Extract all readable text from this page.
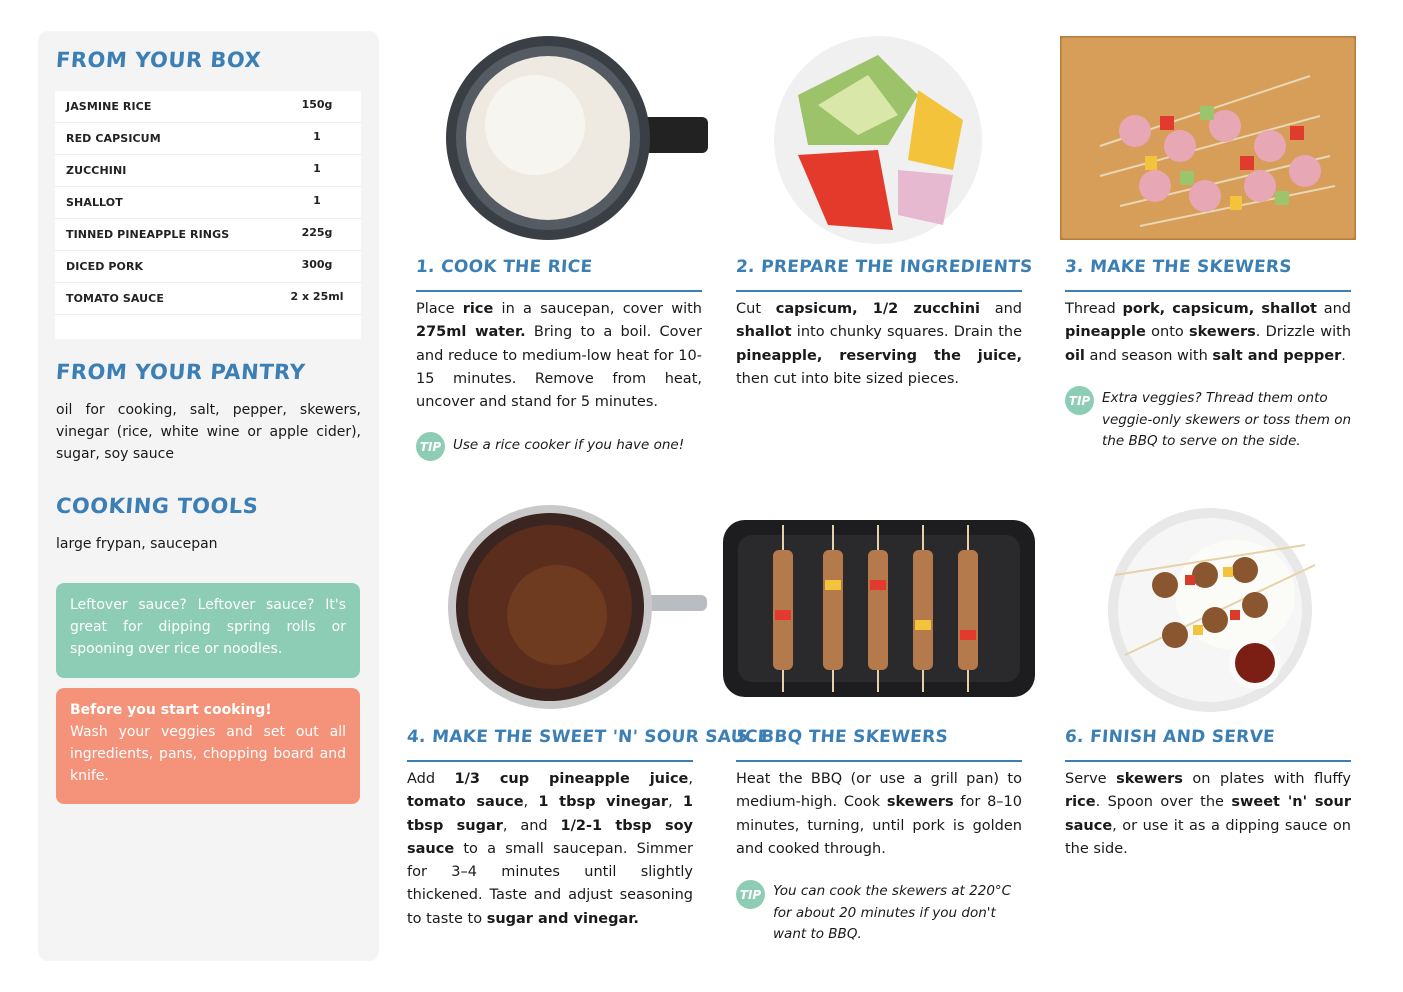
FROM YOUR BOX
JASMINE RICE	150g
RED CAPSICUM	1
ZUCCHINI	1
SHALLOT	1
TINNED PINEAPPLE RINGS	225g
DICED PORK	300g
TOMATO SAUCE	2 x 25ml
FROM YOUR PANTRY
oil for cooking, salt, pepper, skewers, vinegar (rice, white wine or apple cider), sugar, soy sauce
COOKING TOOLS
large frypan, saucepan
Leftover sauce? Leftover sauce? It's great for dipping spring rolls or spooning over rice or noodles.
Before you start cooking!
Wash your veggies and set out all ingredients, pans, chopping board and knife.
1. COOK THE RICE
Place rice in a saucepan, cover with 275ml water. Bring to a boil. Cover and reduce to medium-low heat for 10-15 minutes. Remove from heat, uncover and stand for 5 minutes.
TIP Use a rice cooker if you have one!
2. PREPARE THE INGREDIENTS
Cut capsicum, 1/2 zucchini and shallot into chunky squares. Drain the pineapple, reserving the juice, then cut into bite sized pieces.
3. MAKE THE SKEWERS
Thread pork, capsicum, shallot and pineapple onto skewers. Drizzle with oil and season with salt and pepper.
TIP Extra veggies? Thread them onto veggie-only skewers or toss them on the BBQ to serve on the side.
4. MAKE THE SWEET 'N' SOUR SAUCE
Add 1/3 cup pineapple juice, tomato sauce, 1 tbsp vinegar, 1 tbsp sugar, and 1/2-1 tbsp soy sauce to a small saucepan. Simmer for 3–4 minutes until slightly thickened. Taste and adjust seasoning to taste to sugar and vinegar.
5. BBQ THE SKEWERS
Heat the BBQ (or use a grill pan) to medium-high. Cook skewers for 8–10 minutes, turning, until pork is golden and cooked through.
TIP You can cook the skewers at 220°C for about 20 minutes if you don't want to BBQ.
6. FINISH AND SERVE
Serve skewers on plates with fluffy rice. Spoon over the sweet 'n' sour sauce, or use it as a dipping sauce on the side.
